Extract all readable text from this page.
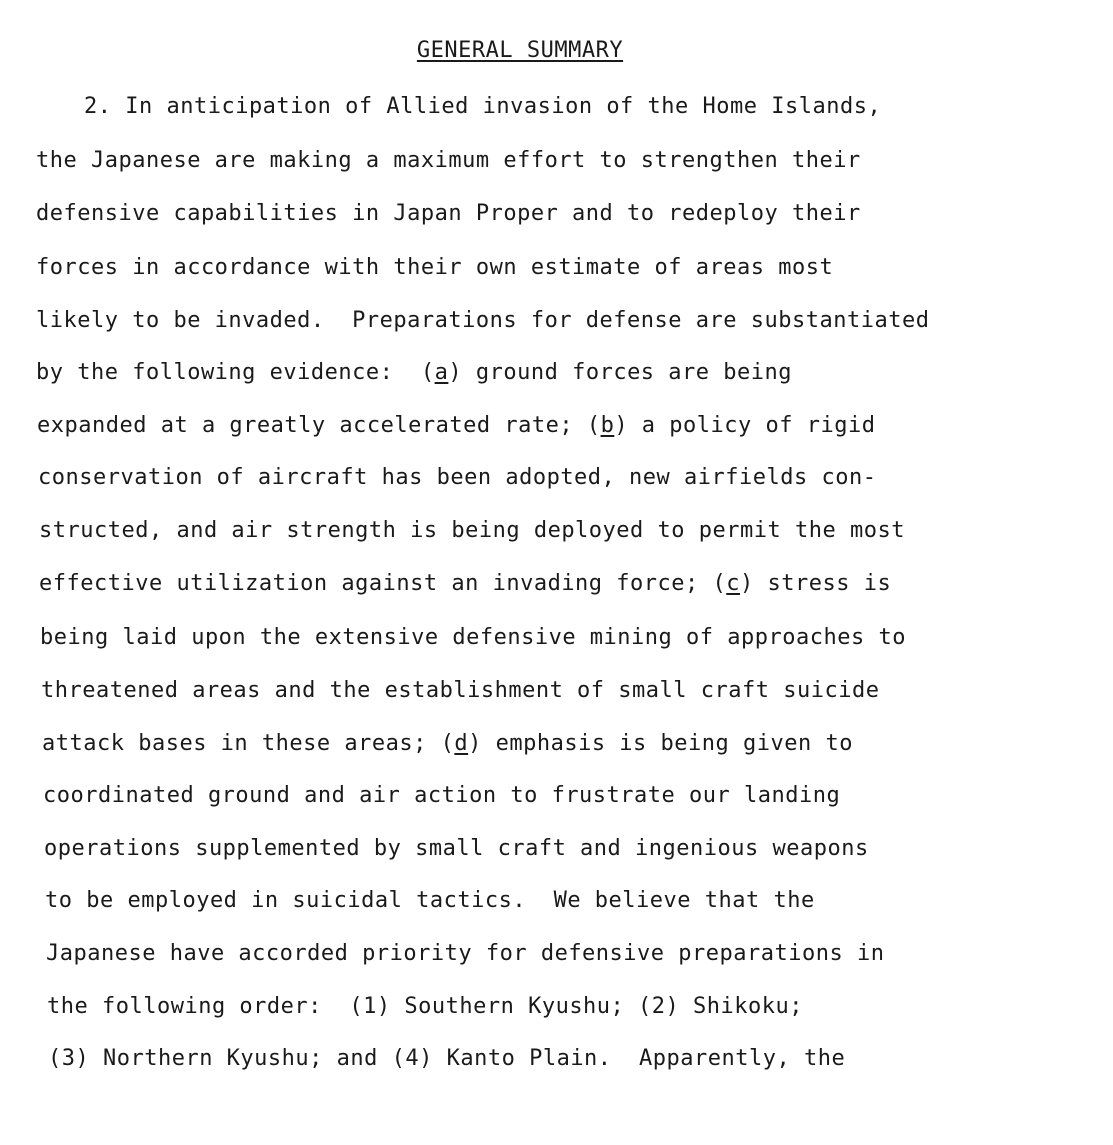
GENERAL SUMMARY
2. In anticipation of Allied invasion of the Home Islands,
the Japanese are making a maximum effort to strengthen their
defensive capabilities in Japan Proper and to redeploy their
forces in accordance with their own estimate of areas most
likely to be invaded.  Preparations for defense are substantiated
by the following evidence:  (a) ground forces are being
expanded at a greatly accelerated rate; (b) a policy of rigid
conservation of aircraft has been adopted, new airfields con-
structed, and air strength is being deployed to permit the most
effective utilization against an invading force; (c) stress is
being laid upon the extensive defensive mining of approaches to
threatened areas and the establishment of small craft suicide
attack bases in these areas; (d) emphasis is being given to
coordinated ground and air action to frustrate our landing
operations supplemented by small craft and ingenious weapons
to be employed in suicidal tactics.  We believe that the
Japanese have accorded priority for defensive preparations in
the following order:  (1) Southern Kyushu; (2) Shikoku;
(3) Northern Kyushu; and (4) Kanto Plain.  Apparently, the
